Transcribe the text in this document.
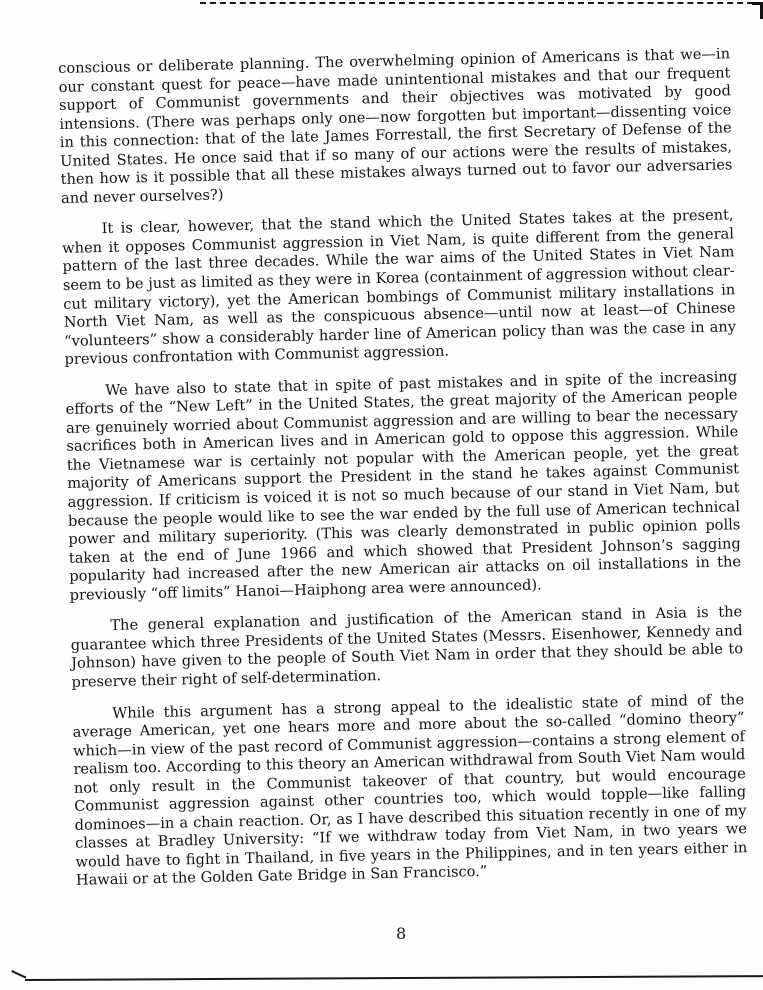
conscious or deliberate planning. The overwhelming opinion of Americans is that we—in our constant quest for peace—have made unintentional mistakes and that our frequent support of Communist governments and their objectives was motivated by good intensions. (There was perhaps only one—now forgotten but important—dissenting voice in this connection: that of the late James Forrestall, the first Secretary of Defense of the United States. He once said that if so many of our actions were the results of mistakes, then how is it possible that all these mistakes always turned out to favor our adversaries and never ourselves?)

It is clear, however, that the stand which the United States takes at the present, when it opposes Communist aggression in Viet Nam, is quite different from the general pattern of the last three decades. While the war aims of the United States in Viet Nam seem to be just as limited as they were in Korea (containment of aggression without clear-cut military victory), yet the American bombings of Communist military installations in North Viet Nam, as well as the conspicuous absence—until now at least—of Chinese “volunteers” show a considerably harder line of American policy than was the case in any previous confrontation with Communist aggression.

We have also to state that in spite of past mistakes and in spite of the increasing efforts of the “New Left” in the United States, the great majority of the American people are genuinely worried about Communist aggression and are willing to bear the necessary sacrifices both in American lives and in American gold to oppose this aggression. While the Vietnamese war is certainly not popular with the American people, yet the great majority of Americans support the President in the stand he takes against Communist aggression. If criticism is voiced it is not so much because of our stand in Viet Nam, but because the people would like to see the war ended by the full use of American technical power and military superiority. (This was clearly demonstrated in public opinion polls taken at the end of June 1966 and which showed that President Johnson’s sagging popularity had increased after the new American air attacks on oil installations in the previously “off limits” Hanoi—Haiphong area were announced).

The general explanation and justification of the American stand in Asia is the guarantee which three Presidents of the United States (Messrs. Eisenhower, Kennedy and Johnson) have given to the people of South Viet Nam in order that they should be able to preserve their right of self-determination.

While this argument has a strong appeal to the idealistic state of mind of the average American, yet one hears more and more about the so-called “domino theory” which—in view of the past record of Communist aggression—contains a strong element of realism too. According to this theory an American withdrawal from South Viet Nam would not only result in the Communist takeover of that country, but would encourage Communist aggression against other countries too, which would topple—like falling dominoes—in a chain reaction. Or, as I have described this situation recently in one of my classes at Bradley University: “If we withdraw today from Viet Nam, in two years we would have to fight in Thailand, in five years in the Philippines, and in ten years either in Hawaii or at the Golden Gate Bridge in San Francisco.”

8
